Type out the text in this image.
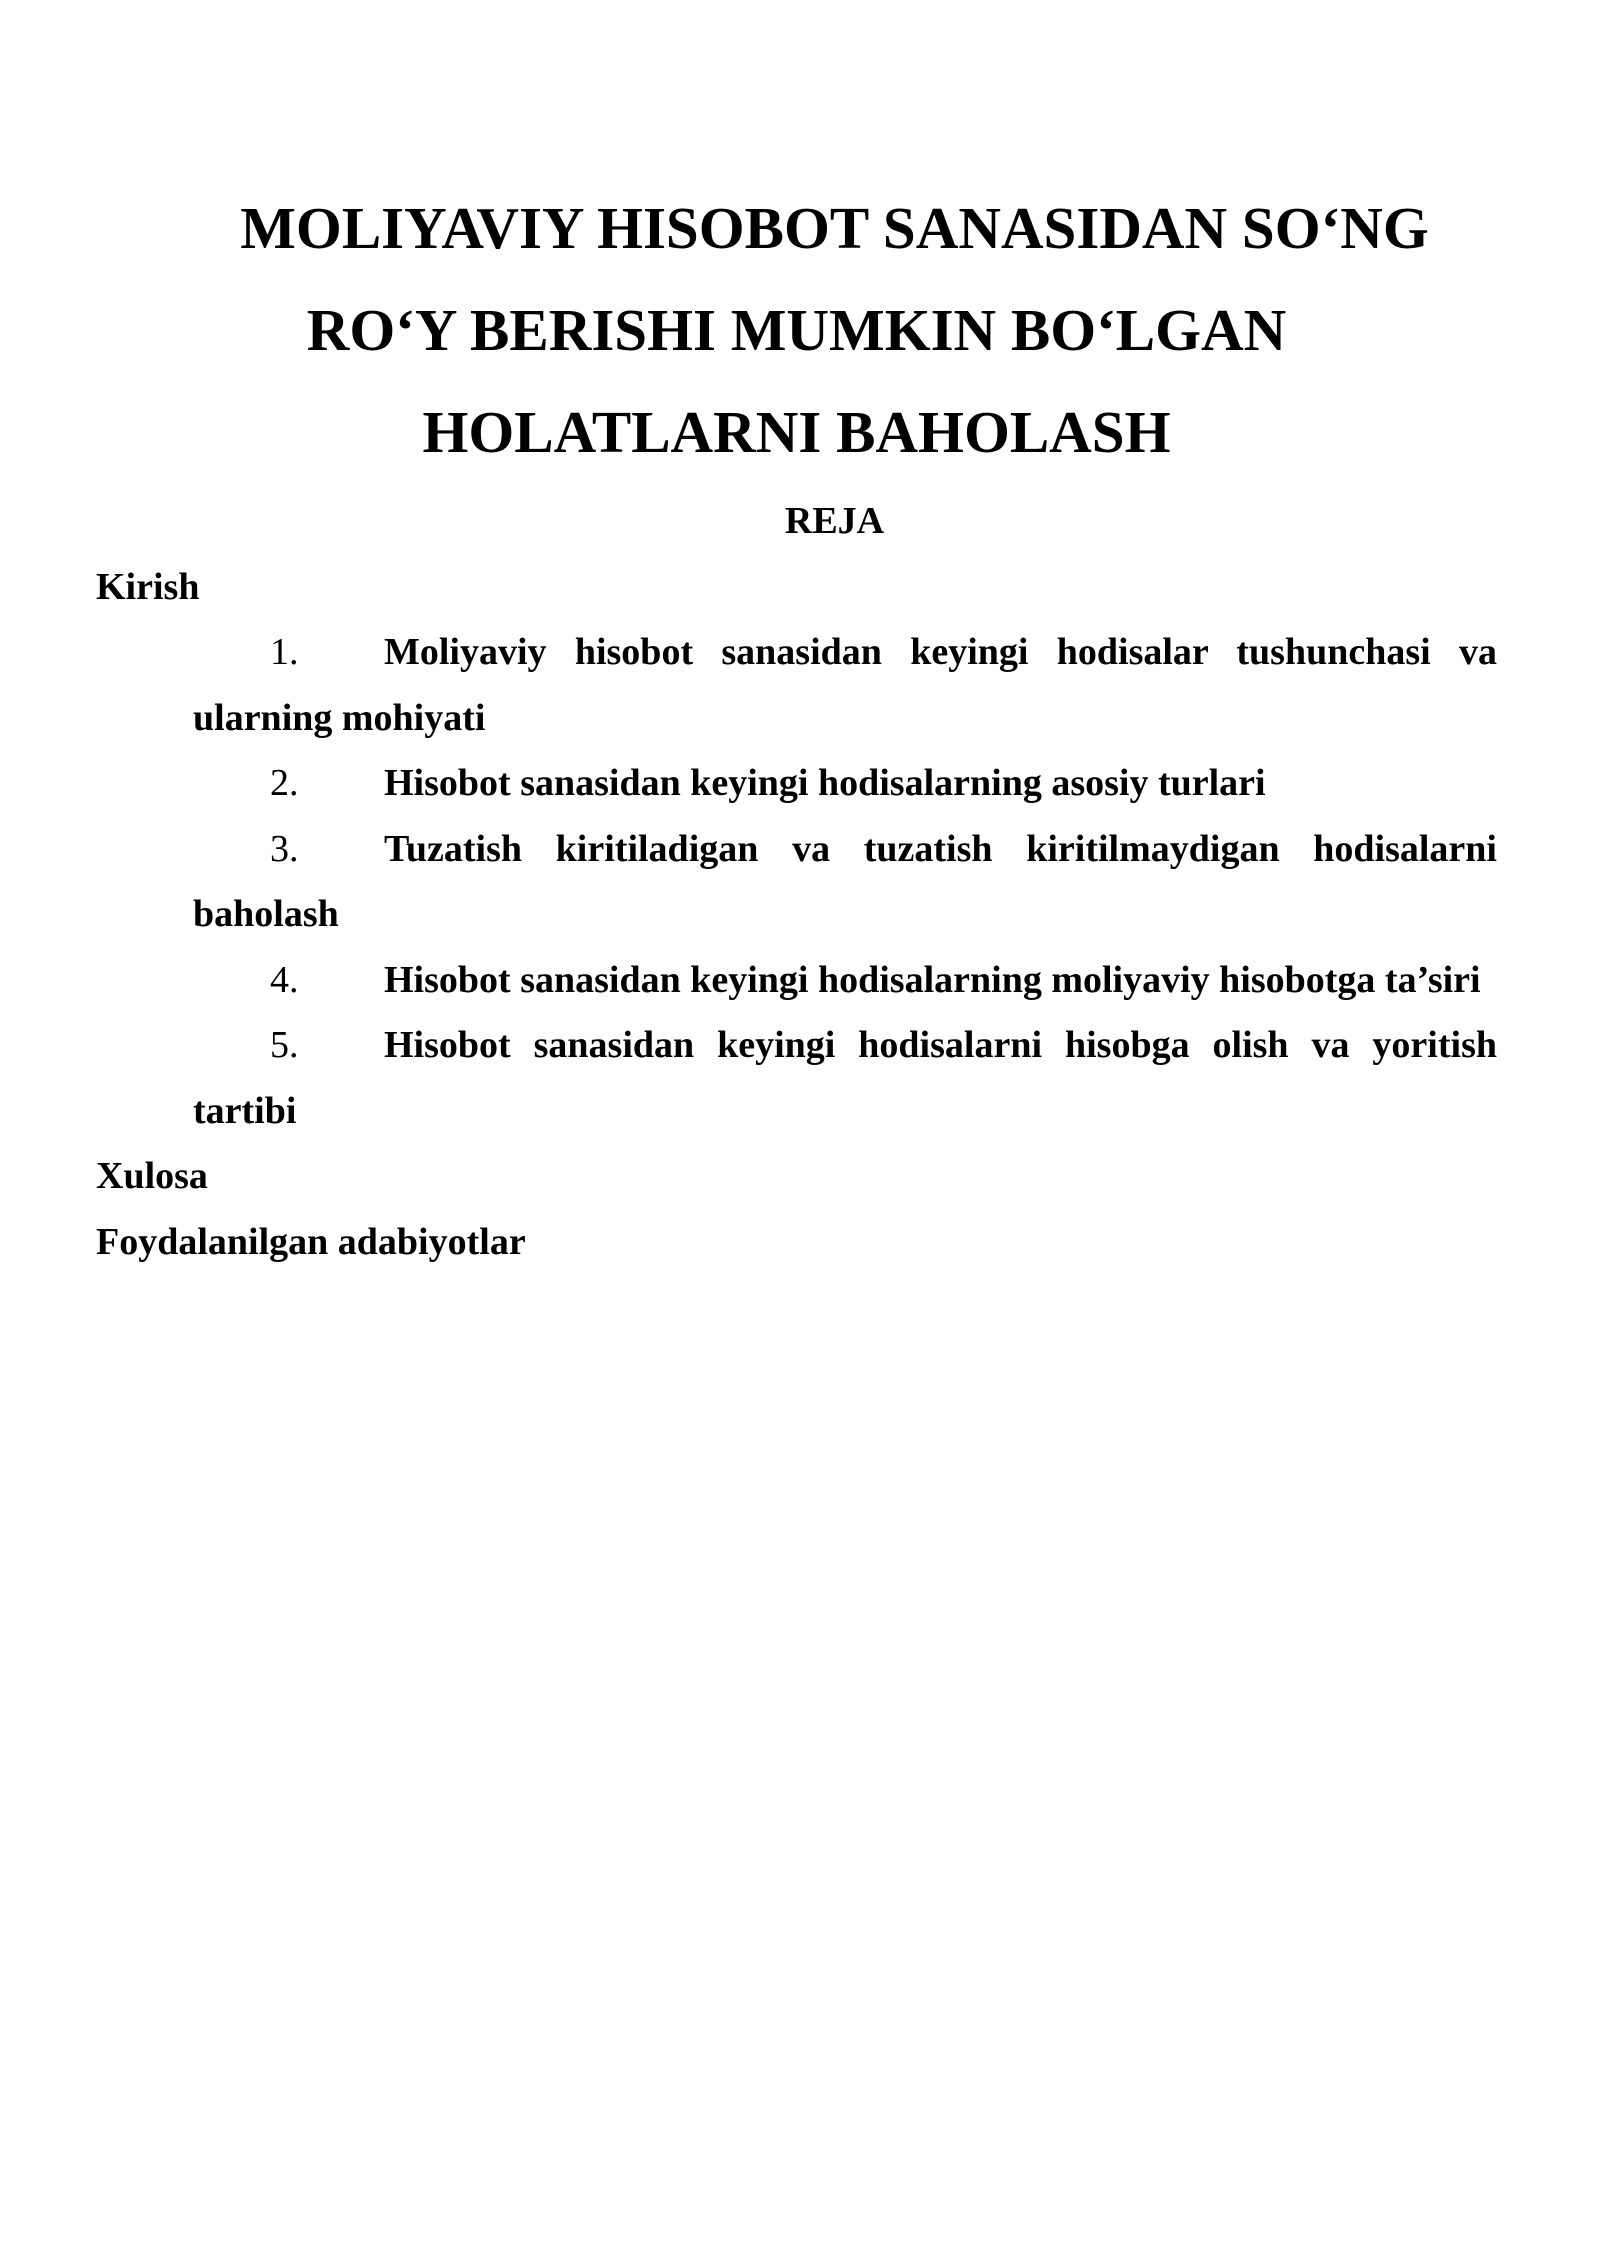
MOLIYAVIY HISOBOT SANASIDAN SO‘NG
RO‘Y BERISHI MUMKIN BO‘LGAN
HOLATLARNI BAHOLASH
REJA
Kirish
1. Moliyaviy hisobot sanasidan keyingi hodisalar tushunchasi va ularning mohiyati
2. Hisobot sanasidan keyingi hodisalarning asosiy turlari
3. Tuzatish kiritiladigan va tuzatish kiritilmaydigan hodisalarni baholash
4. Hisobot sanasidan keyingi hodisalarning moliyaviy hisobotga ta’siri
5. Hisobot sanasidan keyingi hodisalarni hisobga olish va yoritish tartibi
Xulosa
Foydalanilgan adabiyotlar
